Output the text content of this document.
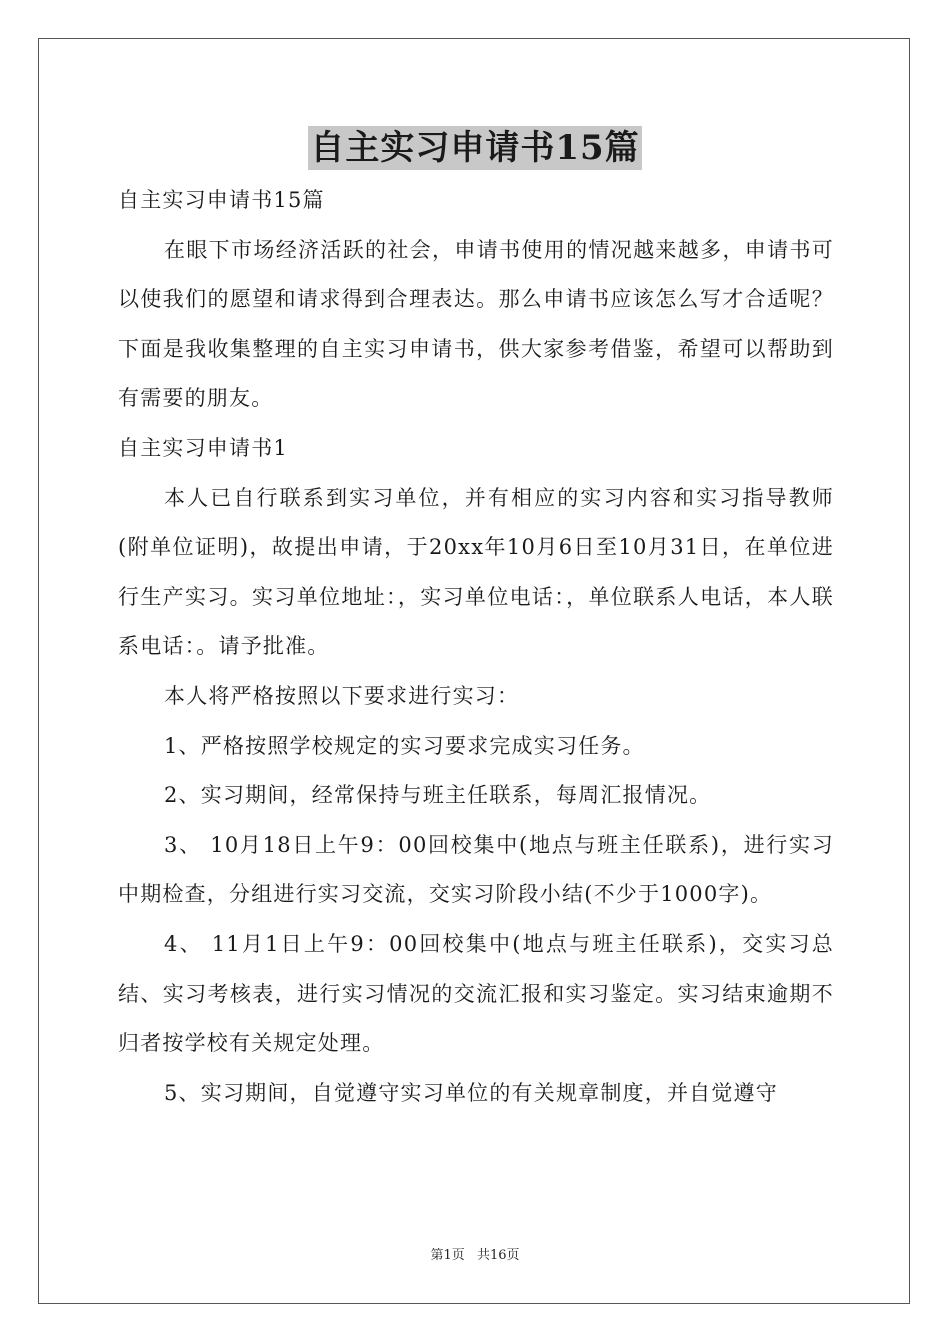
自主实习申请书15篇

自主实习申请书15篇

在眼下市场经济活跃的社会，申请书使用的情况越来越多，申请书可以使我们的愿望和请求得到合理表达。那么申请书应该怎么写才合适呢？下面是我收集整理的自主实习申请书，供大家参考借鉴，希望可以帮助到有需要的朋友。

自主实习申请书1

本人已自行联系到实习单位，并有相应的实习内容和实习指导教师(附单位证明)，故提出申请，于20xx年10月6日至10月31日，在单位进行生产实习。实习单位地址：，实习单位电话：，单位联系人电话，本人联系电话：。请予批准。

本人将严格按照以下要求进行实习：

1、严格按照学校规定的实习要求完成实习任务。

2、实习期间，经常保持与班主任联系，每周汇报情况。

3、 10月18日上午9：00回校集中(地点与班主任联系)，进行实习中期检查，分组进行实习交流，交实习阶段小结(不少于1000字)。

4、 11月1日上午9：00回校集中(地点与班主任联系)，交实习总结、实习考核表，进行实习情况的交流汇报和实习鉴定。实习结束逾期不归者按学校有关规定处理。

5、实习期间，自觉遵守实习单位的有关规章制度，并自觉遵守

第1页 共16页
